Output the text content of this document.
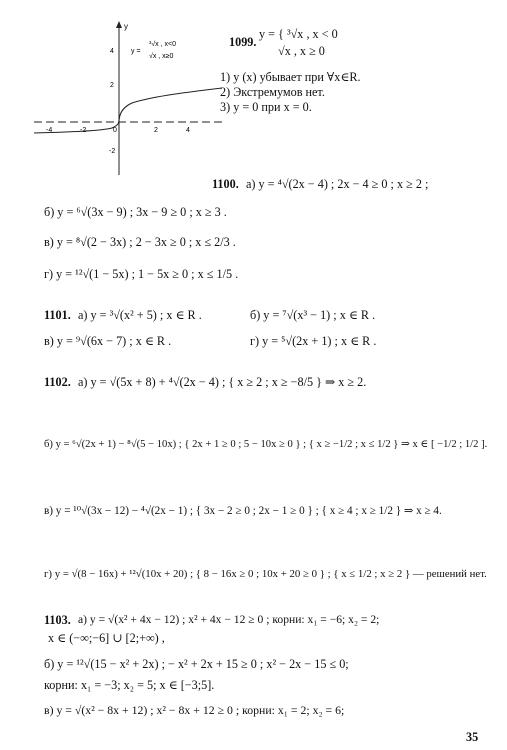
y
-4	-2	0	2	4
4
2
-2
y =
³√x , x<0
√x , x≥0
1099.
y = { ³√x , x < 0
√x , x ≥ 0
1) y (x) убывает при ∀x∈R.
2) Экстремумов нет.
3) y = 0 при x = 0.
1100. а) y = ⁴√(2x − 4) ; 2x − 4 ≥ 0 ; x ≥ 2 ;
б) y = ⁶√(3x − 9) ; 3x − 9 ≥ 0 ; x ≥ 3 .
в) y = ⁸√(2 − 3x) ; 2 − 3x ≥ 0 ; x ≤ 2/3 .
г) y = ¹²√(1 − 5x) ; 1 − 5x ≥ 0 ; x ≤ 1/5 .
1101. а) y = ³√(x² + 5) ; x ∈ R .	б) y = ⁷√(x³ − 1) ; x ∈ R .
в) y = ⁹√(6x − 7) ; x ∈ R .	г) y = ⁵√(2x + 1) ; x ∈ R .
1102. а) y = √(5x + 8) + ⁴√(2x − 4) ; { x ≥ 2 ; x ≥ −8/5 } ⇒ x ≥ 2.
б) y = ⁶√(2x + 1) − ⁸√(5 − 10x) ; { 2x + 1 ≥ 0 ; 5 − 10x ≥ 0 } ; { x ≥ −1/2 ; x ≤ 1/2 } ⇒ x ∈ [ −1/2 ; 1/2 ].
в) y = ¹⁰√(3x − 12) − ⁴√(2x − 1) ; { 3x − 2 ≥ 0 ; 2x − 1 ≥ 0 } ; { x ≥ 4 ; x ≥ 1/2 } ⇒ x ≥ 4.
г) y = √(8 − 16x) + ¹²√(10x + 20) ; { 8 − 16x ≥ 0 ; 10x + 20 ≥ 0 } ; { x ≤ 1/2 ; x ≥ 2 } — решений нет.
1103. а) y = √(x² + 4x − 12) ; x² + 4x − 12 ≥ 0 ; корни: x₁ = −6; x₂ = 2;
x ∈ (−∞;−6] ∪ [2;+∞) ,
б) y = ¹²√(15 − x² + 2x) ; − x² + 2x + 15 ≥ 0 ; x² − 2x − 15 ≤ 0;
корни: x₁ = −3; x₂ = 5; x ∈ [−3;5].
в) y = √(x² − 8x + 12) ; x² − 8x + 12 ≥ 0 ; корни: x₁ = 2; x₂ = 6;
35
